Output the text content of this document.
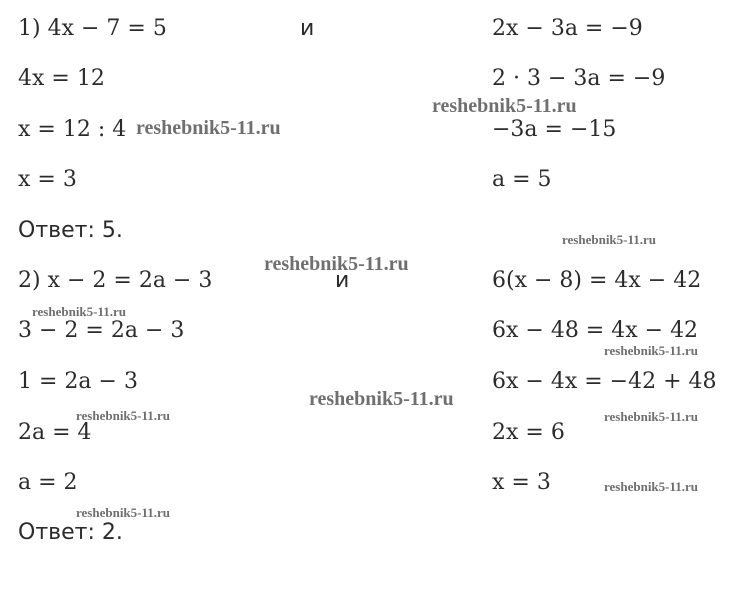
1) 4x − 7 = 5
4x = 12
x = 12 : 4
x = 3
Ответ: 5.
и	2x − 3a = −9
2 · 3 − 3a = −9
−3a = −15
a = 5
2) x − 2 = 2a − 3
3 − 2 = 2a − 3
1 = 2a − 3
2a = 4
a = 2
Ответ: 2.
и	6(x − 8) = 4x − 42
6x − 48 = 4x − 42
6x − 4x = −42 + 48
2x = 6
x = 3
reshebnik5-11.ru
reshebnik5-11.ru
reshebnik5-11.ru
reshebnik5-11.ru
reshebnik5-11.ru
reshebnik5-11.ru
reshebnik5-11.ru
reshebnik5-11.ru	reshebnik5-11.ru
reshebnik5-11.ru
reshebnik5-11.ru
